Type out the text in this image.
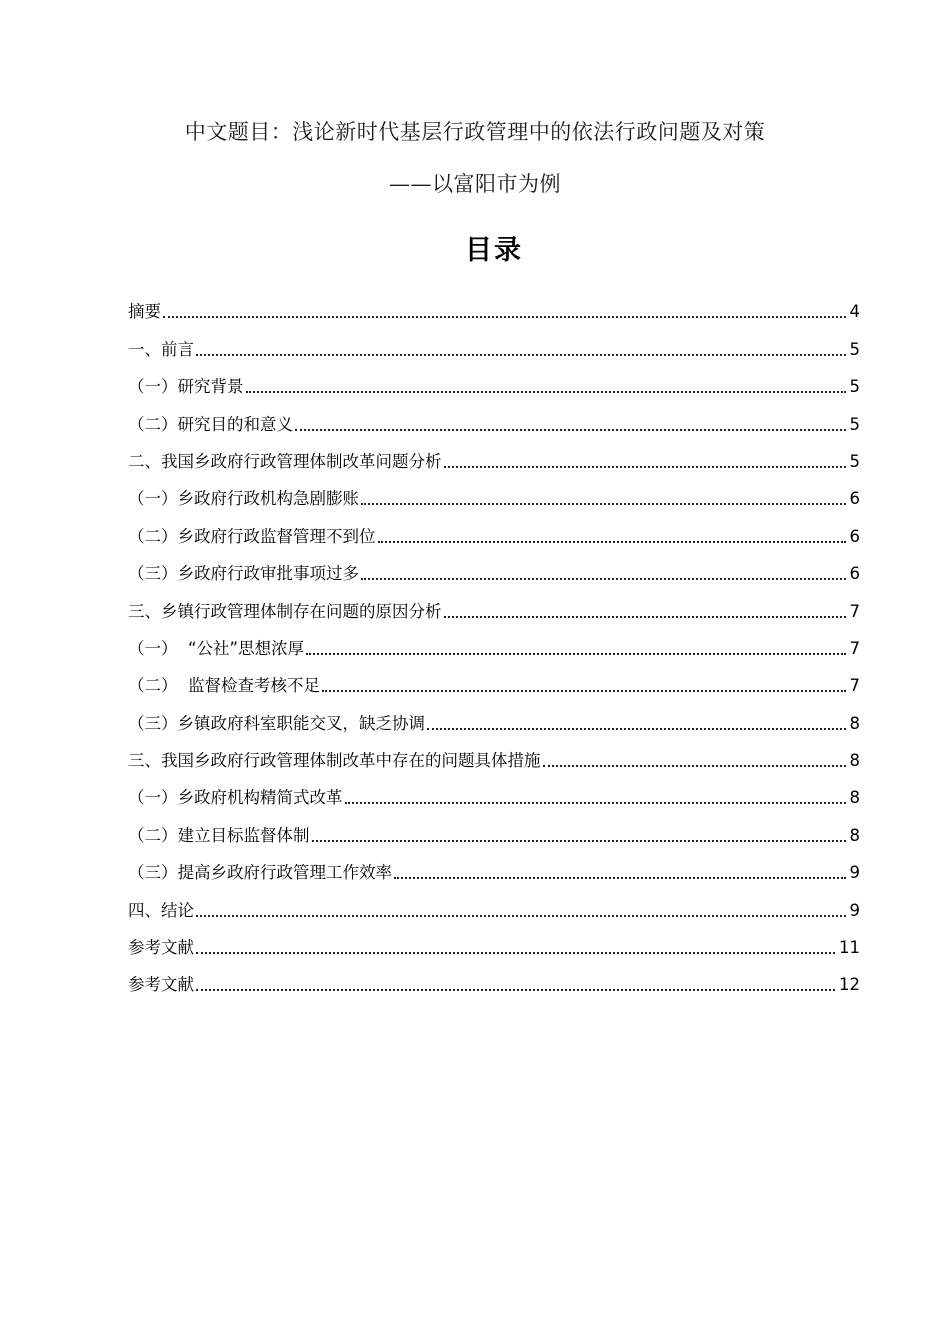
中文题目：浅论新时代基层行政管理中的依法行政问题及对策
——以富阳市为例
目录
摘要	4
一、前言	5
（一）研究背景	5
（二）研究目的和意义	5
二、我国乡政府行政管理体制改革问题分析	5
（一）乡政府行政机构急剧膨账	6
（二）乡政府行政监督管理不到位	6
（三）乡政府行政审批事项过多	6
三、乡镇行政管理体制存在问题的原因分析	7
（一）  “公社”思想浓厚	7
（二）  监督检查考核不足	7
（三）乡镇政府科室职能交叉，缺乏协调	8
三、我国乡政府行政管理体制改革中存在的问题具体措施	8
（一）乡政府机构精简式改革	8
（二）建立目标监督体制	8
（三）提高乡政府行政管理工作效率	9
四、结论	9
参考文献	11
参考文献	12
